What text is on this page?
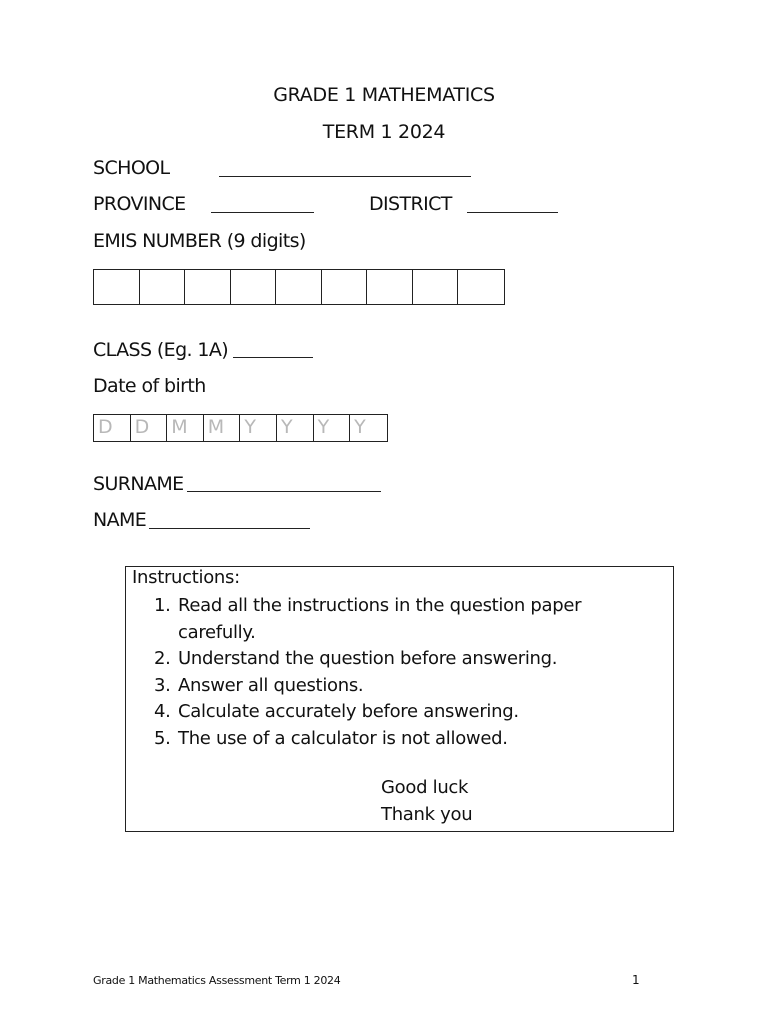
GRADE 1 MATHEMATICS
TERM 1 2024
SCHOOL
PROVINCE	DISTRICT
EMIS NUMBER (9 digits)
CLASS (Eg. 1A)
Date of birth
D	D	M	M	Y	Y	Y	Y
SURNAME
NAME
Instructions:
1. Read all the instructions in the question paper carefully.
2. Understand the question before answering.
3. Answer all questions.
4. Calculate accurately before answering.
5. The use of a calculator is not allowed.
Good luck
Thank you
Grade 1 Mathematics Assessment Term 1 2024	1
